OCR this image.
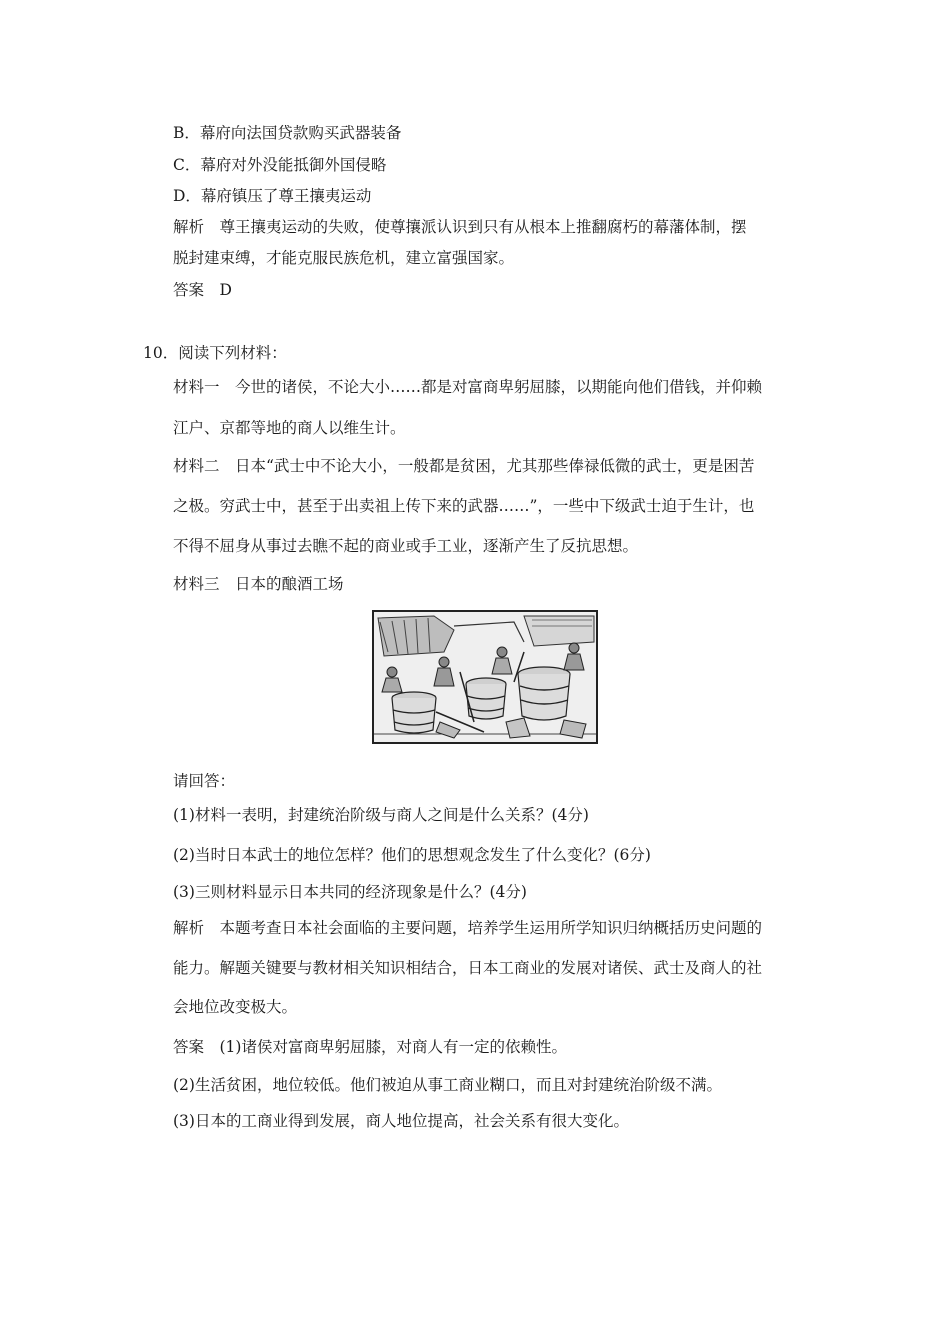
B．幕府向法国贷款购买武器装备
C．幕府对外没能抵御外国侵略
D．幕府镇压了尊王攘夷运动
解析　尊王攘夷运动的失败，使尊攘派认识到只有从根本上推翻腐朽的幕藩体制，摆
脱封建束缚，才能克服民族危机，建立富强国家。
答案　D
10．阅读下列材料：
材料一　今世的诸侯，不论大小……都是对富商卑躬屈膝，以期能向他们借钱，并仰赖
江户、京都等地的商人以维生计。
材料二　日本“武士中不论大小，一般都是贫困，尤其那些俸禄低微的武士，更是困苦
之极。穷武士中，甚至于出卖祖上传下来的武器……”，一些中下级武士迫于生计，也
不得不屈身从事过去瞧不起的商业或手工业，逐渐产生了反抗思想。
材料三　日本的酿酒工场
请回答：
(1)材料一表明，封建统治阶级与商人之间是什么关系？(4分)
(2)当时日本武士的地位怎样？他们的思想观念发生了什么变化？(6分)
(3)三则材料显示日本共同的经济现象是什么？(4分)
解析　本题考查日本社会面临的主要问题，培养学生运用所学知识归纳概括历史问题的
能力。解题关键要与教材相关知识相结合，日本工商业的发展对诸侯、武士及商人的社
会地位改变极大。
答案　(1)诸侯对富商卑躬屈膝，对商人有一定的依赖性。
(2)生活贫困，地位较低。他们被迫从事工商业糊口，而且对封建统治阶级不满。
(3)日本的工商业得到发展，商人地位提高，社会关系有很大变化。
